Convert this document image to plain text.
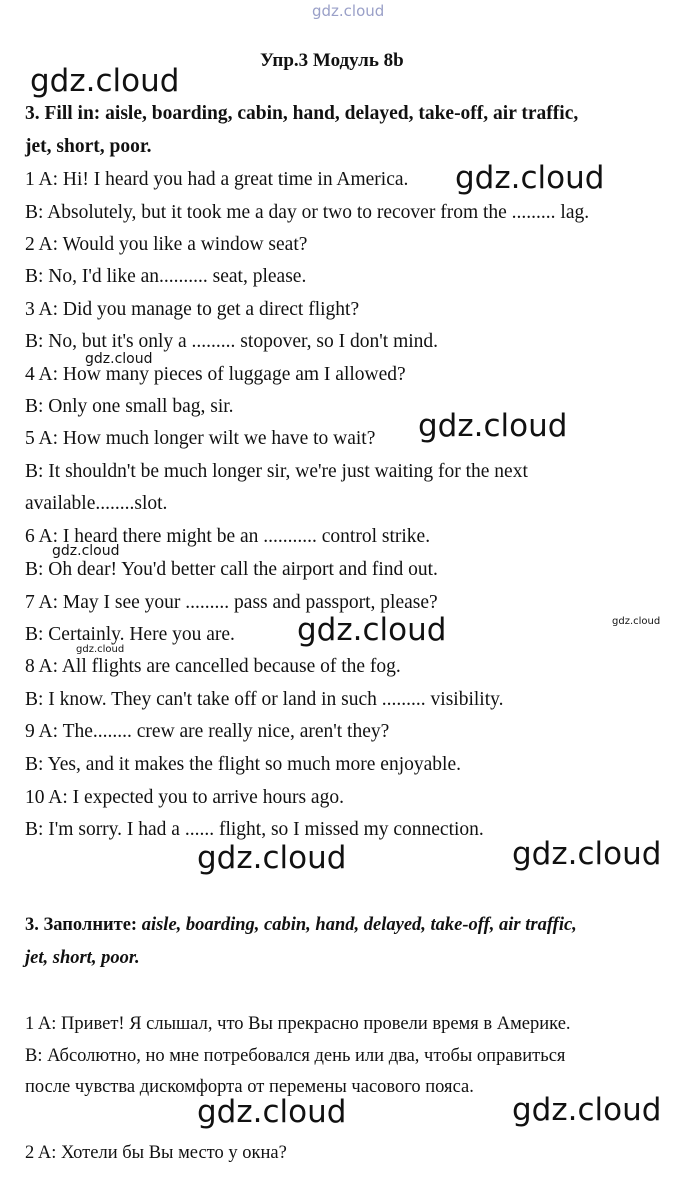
gdz.cloud
Упр.3 Модуль 8b
3. Fill in: aisle, boarding, cabin, hand, delayed, take-off, air traffic,
jet, short, poor.
1 A: Hi! I heard you had a great time in America.
B: Absolutely, but it took me a day or two to recover from the ......... lag.
2 A: Would you like a window seat?
B: No, I'd like an.......... seat, please.
3 A: Did you manage to get a direct flight?
B: No, but it's only a ......... stopover, so I don't mind.
4 A: How many pieces of luggage am I allowed?
B: Only one small bag, sir.
5 A: How much longer wilt we have to wait?
B: It shouldn't be much longer sir, we're just waiting for the next
available........slot.
6 A: I heard there might be an ........... control strike.
B: Oh dear! You'd better call the airport and find out.
7 A: May I see your ......... pass and passport, please?
B: Certainly. Here you are.
8 A: All flights are cancelled because of the fog.
B: I know. They can't take off or land in such ......... visibility.
9 A: The........ crew are really nice, aren't they?
B: Yes, and it makes the flight so much more enjoyable.
10 A: I expected you to arrive hours ago.
B: I'm sorry. I had a ...... flight, so I missed my connection.
3. Заполните: aisle, boarding, cabin, hand, delayed, take-off, air traffic,
jet, short, poor.
1 A: Привет! Я слышал, что Вы прекрасно провели время в Америке.
B: Абсолютно, но мне потребовался день или два, чтобы оправиться
после чувства дискомфорта от перемены часового пояса.
2 A: Хотели бы Вы место у окна?
gdz.cloud
gdz.cloud
gdz.cloud
gdz.cloud
gdz.cloud
gdz.cloud	gdz.cloud
gdz.cloud
gdz.cloud	gdz.cloud
gdz.cloud	gdz.cloud
